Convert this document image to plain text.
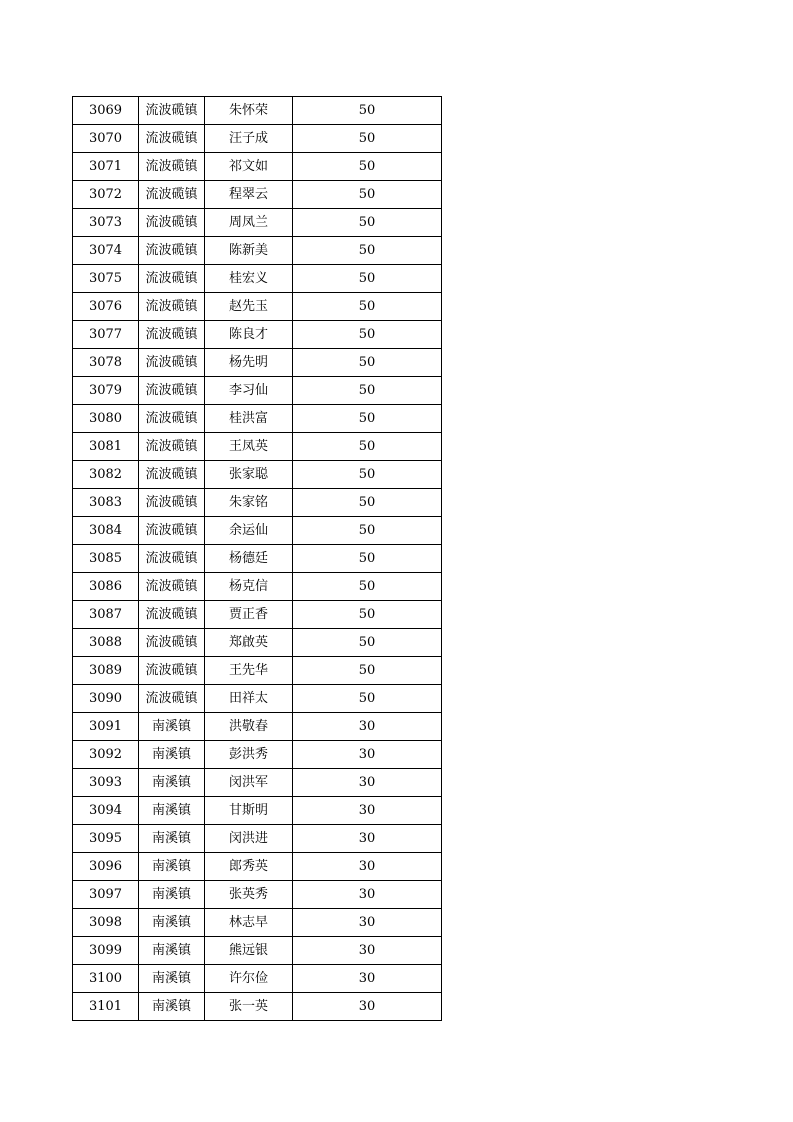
3069	流波𬒗镇	朱怀荣	50
3070	流波𬒗镇	汪子成	50
3071	流波𬒗镇	祁文如	50
3072	流波𬒗镇	程翠云	50
3073	流波𬒗镇	周凤兰	50
3074	流波𬒗镇	陈新美	50
3075	流波𬒗镇	桂宏义	50
3076	流波𬒗镇	赵先玉	50
3077	流波𬒗镇	陈良才	50
3078	流波𬒗镇	杨先明	50
3079	流波𬒗镇	李习仙	50
3080	流波𬒗镇	桂洪富	50
3081	流波𬒗镇	王凤英	50
3082	流波𬒗镇	张家聪	50
3083	流波𬒗镇	朱家铭	50
3084	流波𬒗镇	余运仙	50
3085	流波𬒗镇	杨德廷	50
3086	流波𬒗镇	杨克信	50
3087	流波𬒗镇	贾正香	50
3088	流波𬒗镇	郑啟英	50
3089	流波𬒗镇	王先华	50
3090	流波𬒗镇	田祥太	50
3091	南溪镇	洪敬春	30
3092	南溪镇	彭洪秀	30
3093	南溪镇	闵洪军	30
3094	南溪镇	甘斯明	30
3095	南溪镇	闵洪进	30
3096	南溪镇	郎秀英	30
3097	南溪镇	张英秀	30
3098	南溪镇	林志早	30
3099	南溪镇	熊远银	30
3100	南溪镇	许尔俭	30
3101	南溪镇	张一英	30
